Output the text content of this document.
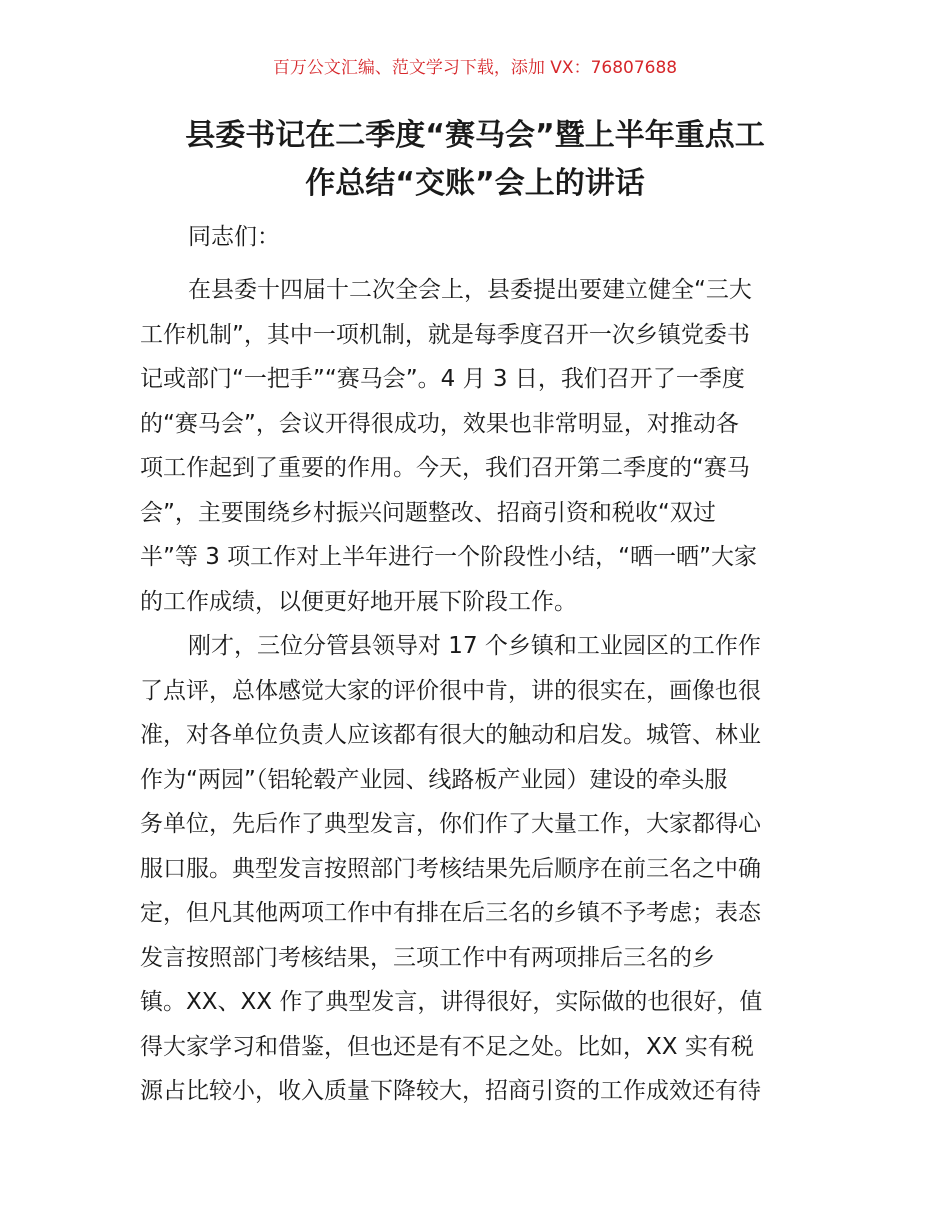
百万公文汇编、范文学习下载，添加 VX：76807688
县委书记在二季度“赛马会”暨上半年重点工
作总结“交账”会上的讲话
同志们：
在县委十四届十二次全会上，县委提出要建立健全“三大
工作机制”，其中一项机制，就是每季度召开一次乡镇党委书
记或部门“一把手”“赛马会”。4 月 3 日，我们召开了一季度
的“赛马会”，会议开得很成功，效果也非常明显，对推动各
项工作起到了重要的作用。今天，我们召开第二季度的“赛马
会”，主要围绕乡村振兴问题整改、招商引资和税收“双过
半”等 3 项工作对上半年进行一个阶段性小结，“晒一晒”大家
的工作成绩，以便更好地开展下阶段工作。
刚才，三位分管县领导对 17 个乡镇和工业园区的工作作
了点评，总体感觉大家的评价很中肯，讲的很实在，画像也很
准，对各单位负责人应该都有很大的触动和启发。城管、林业
作为“两园”（铝轮毂产业园、线路板产业园）建设的牵头服
务单位，先后作了典型发言，你们作了大量工作，大家都得心
服口服。典型发言按照部门考核结果先后顺序在前三名之中确
定，但凡其他两项工作中有排在后三名的乡镇不予考虑；表态
发言按照部门考核结果，三项工作中有两项排后三名的乡
镇。XX、XX 作了典型发言，讲得很好，实际做的也很好，值
得大家学习和借鉴，但也还是有不足之处。比如，XX 实有税
源占比较小，收入质量下降较大，招商引资的工作成效还有待
